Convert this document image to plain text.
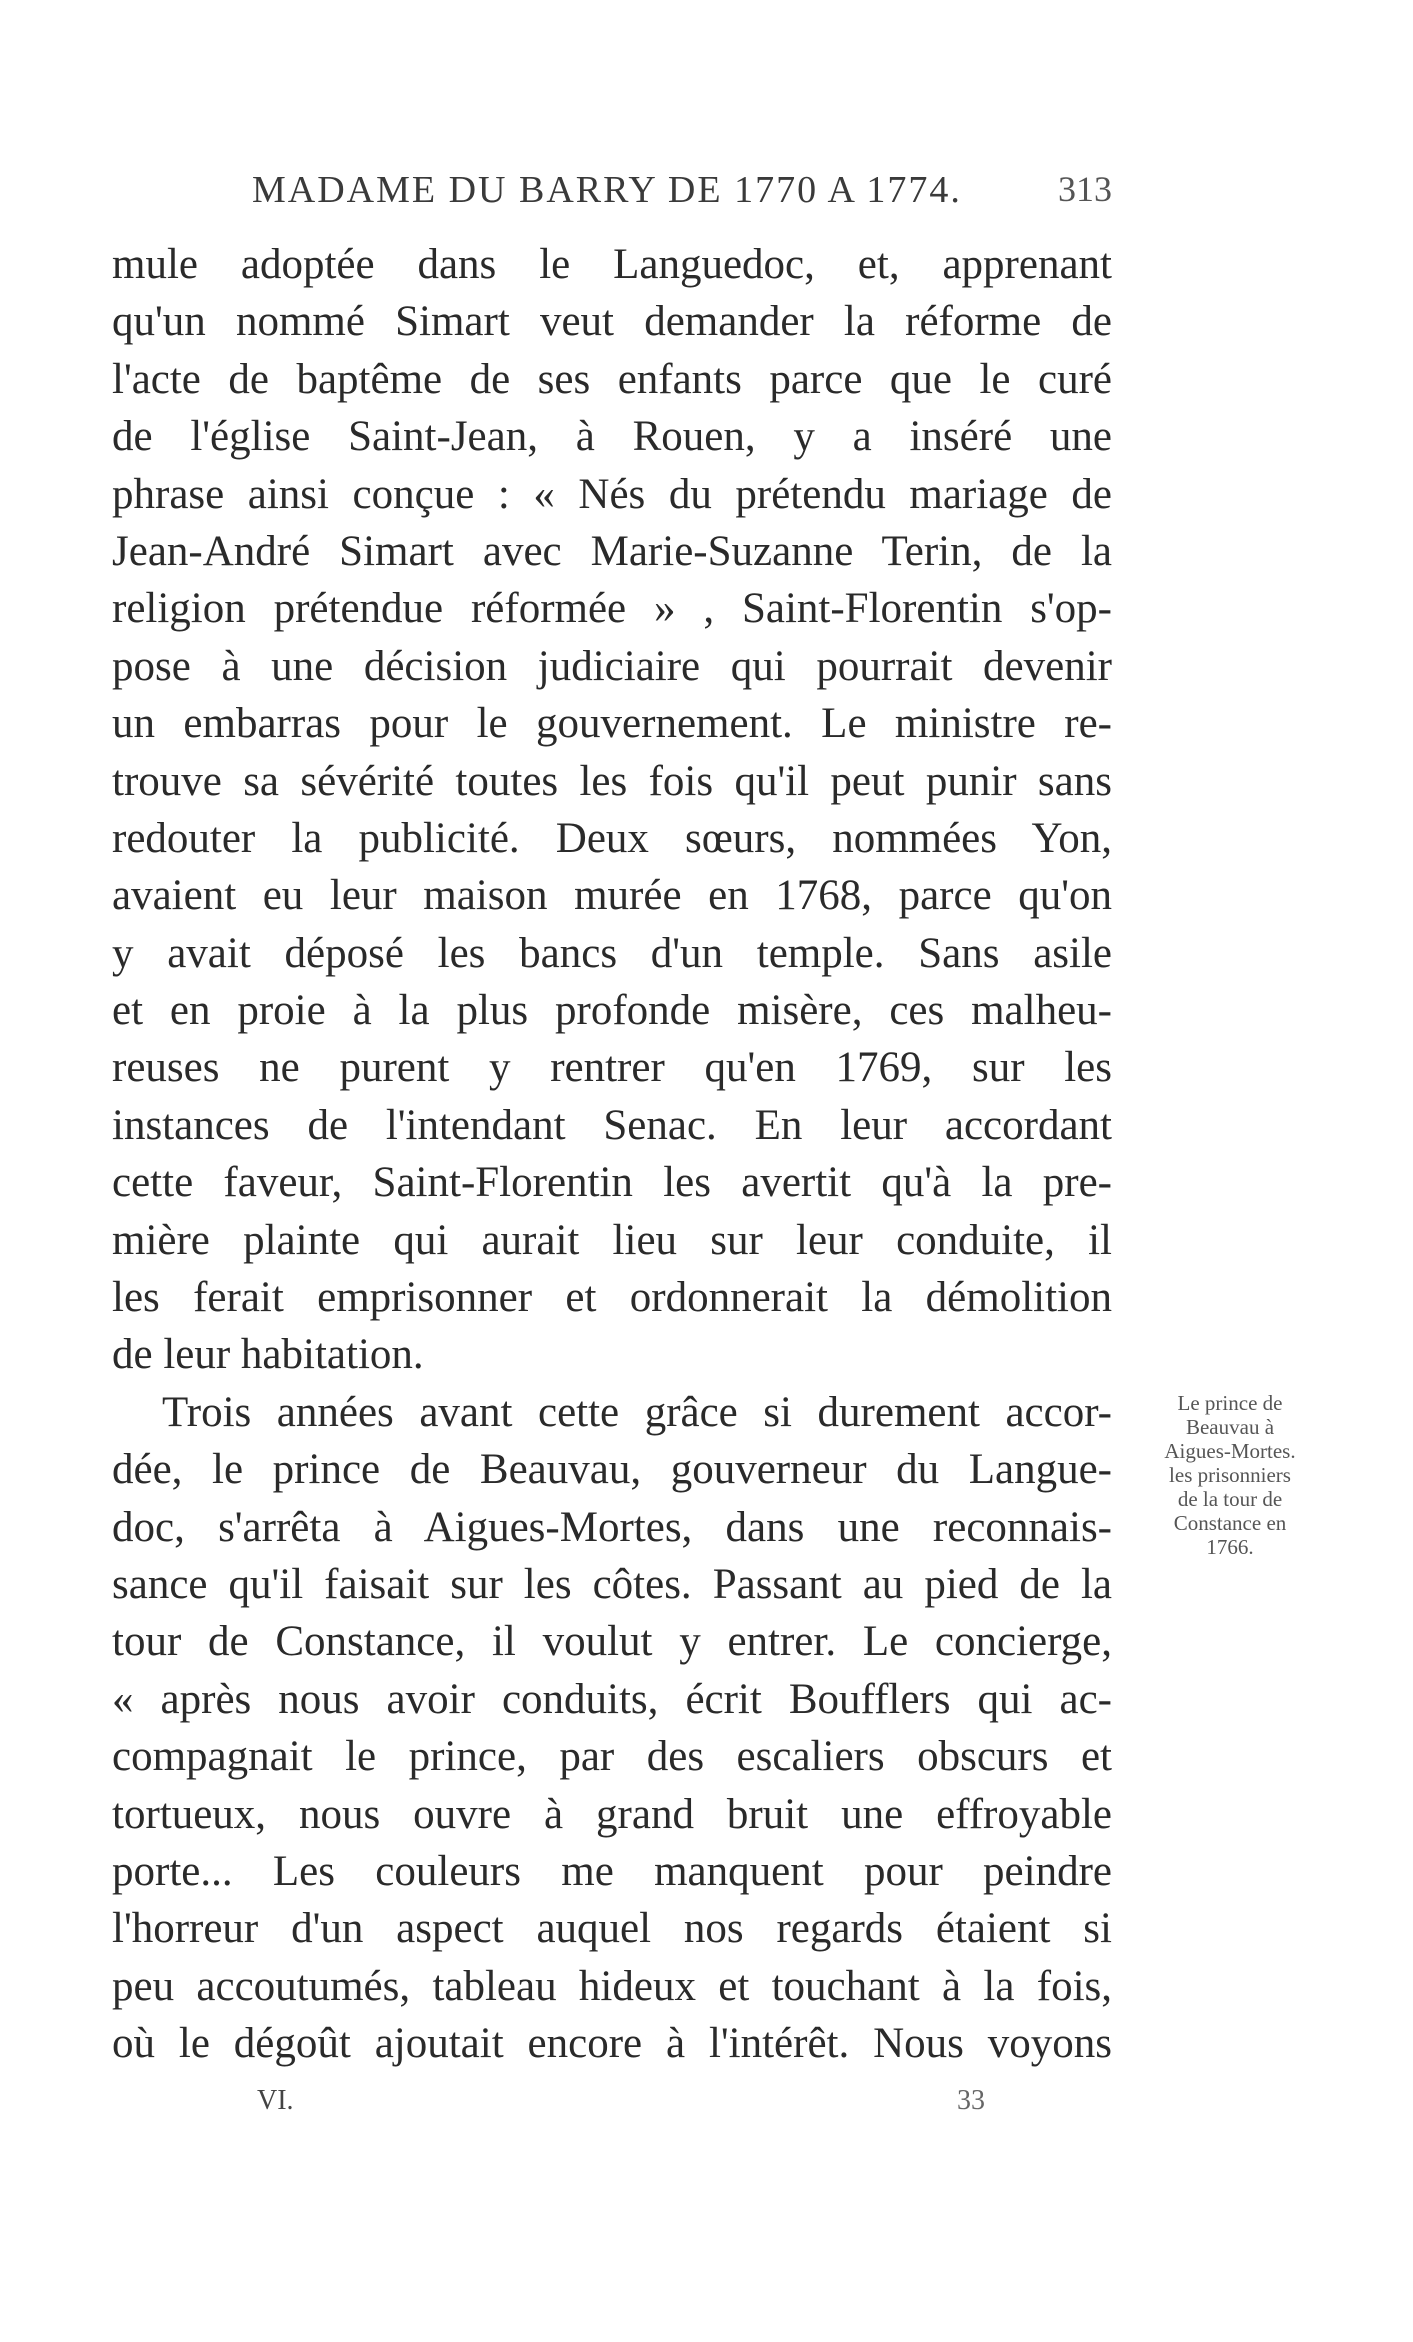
MADAME DU BARRY DE 1770 A 1774.	313
mule adoptée dans le Languedoc, et, apprenant
qu'un nommé Simart veut demander la réforme de
l'acte de baptême de ses enfants parce que le curé
de l'église Saint-Jean, à Rouen, y a inséré une
phrase ainsi conçue : « Nés du prétendu mariage de
Jean-André Simart avec Marie-Suzanne Terin, de la
religion prétendue réformée » , Saint-Florentin s'op-
pose à une décision judiciaire qui pourrait devenir
un embarras pour le gouvernement. Le ministre re-
trouve sa sévérité toutes les fois qu'il peut punir sans
redouter la publicité. Deux sœurs, nommées Yon,
avaient eu leur maison murée en 1768, parce qu'on
y avait déposé les bancs d'un temple. Sans asile
et en proie à la plus profonde misère, ces malheu-
reuses ne purent y rentrer qu'en 1769, sur les
instances de l'intendant Senac. En leur accordant
cette faveur, Saint-Florentin les avertit qu'à la pre-
mière plainte qui aurait lieu sur leur conduite, il
les ferait emprisonner et ordonnerait la démolition
de leur habitation.
Trois années avant cette grâce si durement accor-
dée, le prince de Beauvau, gouverneur du Langue-
doc, s'arrêta à Aigues-Mortes, dans une reconnais-
sance qu'il faisait sur les côtes. Passant au pied de la
tour de Constance, il voulut y entrer. Le concierge,
« après nous avoir conduits, écrit Boufflers qui ac-
compagnait le prince, par des escaliers obscurs et
tortueux, nous ouvre à grand bruit une effroyable
porte... Les couleurs me manquent pour peindre
l'horreur d'un aspect auquel nos regards étaient si
peu accoutumés, tableau hideux et touchant à la fois,
où le dégoût ajoutait encore à l'intérêt. Nous voyons
Le prince de
Beauvau à
Aigues-Mortes.
les prisonniers
de la tour de
Constance en
1766.
VI.	33
